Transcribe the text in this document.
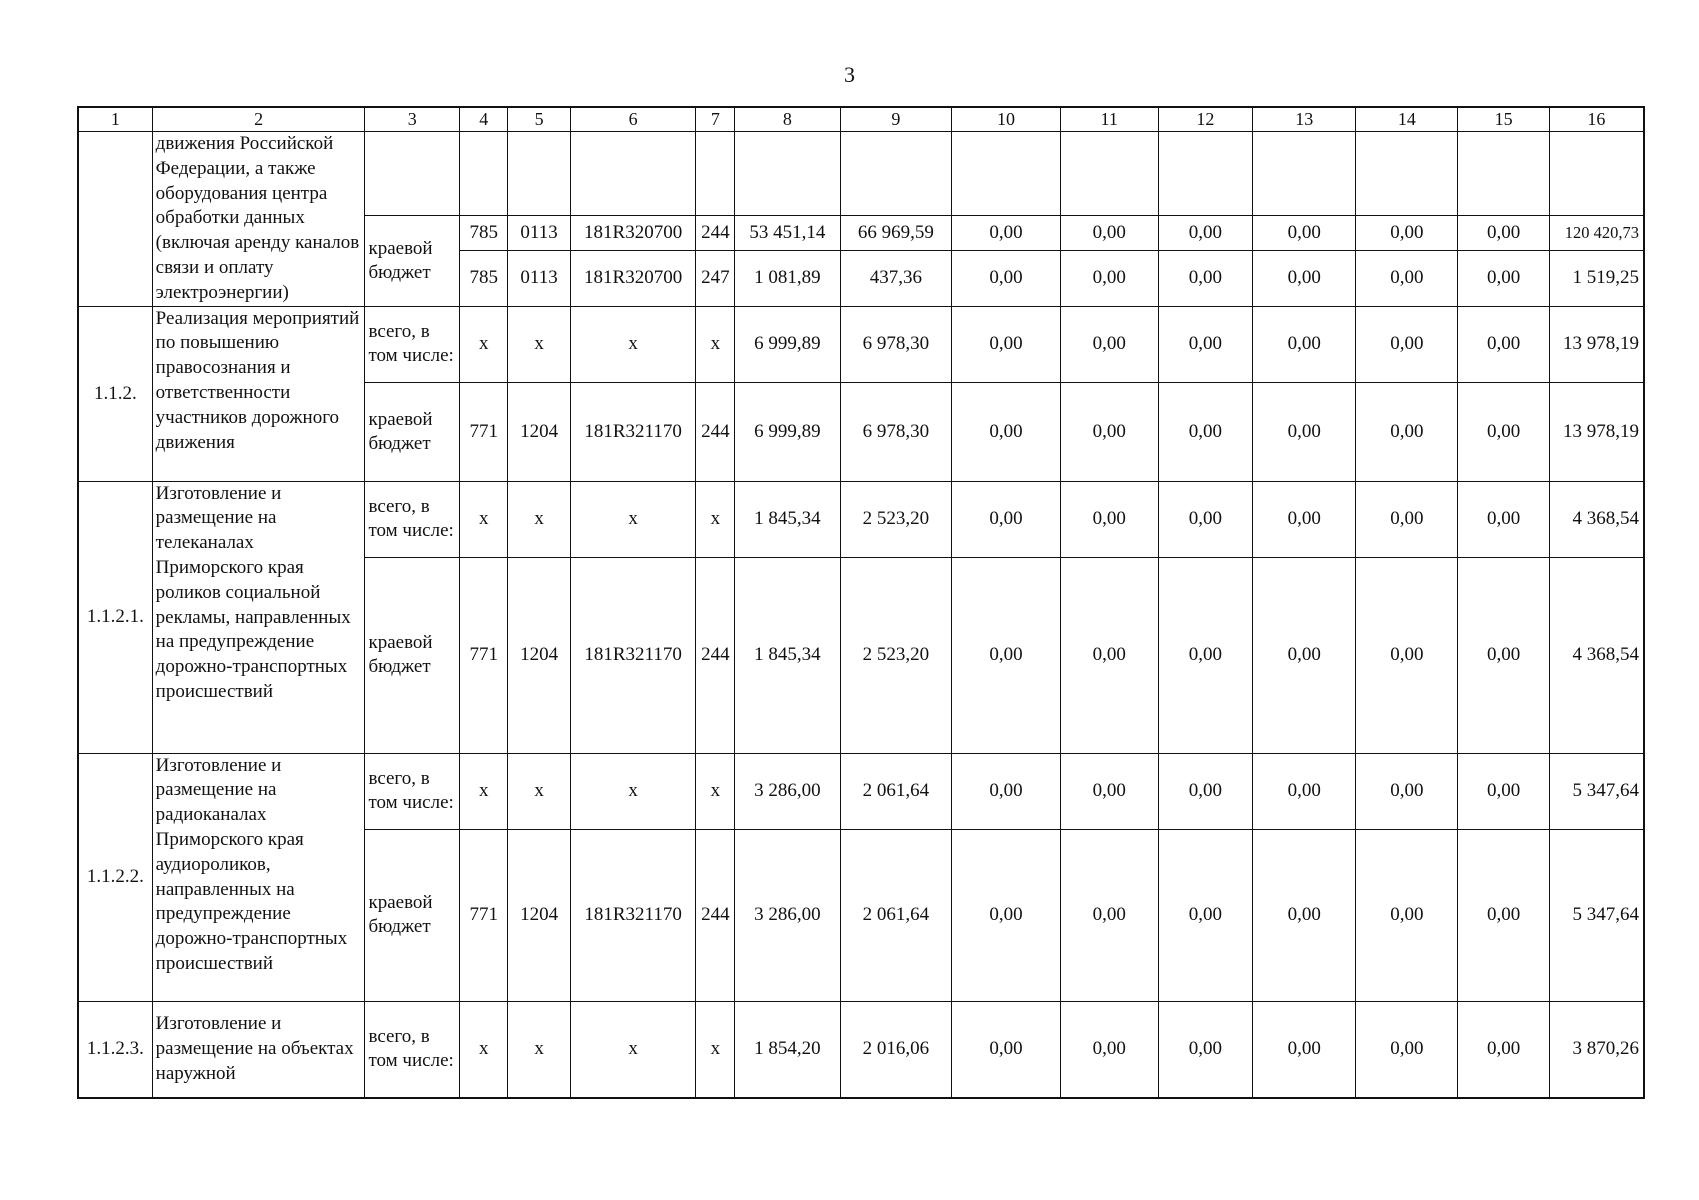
3
1	2	3	4	5	6	7	8	9	10	11	12	13	14	15	16
	движения Российской Федерации, а также оборудования центра обработки данных (включая аренду каналов связи и оплату электроэнергии)														
		краевой бюджет	785	0113	181R320700	244	53 451,14	66 969,59	0,00	0,00	0,00	0,00	0,00	0,00	120 420,73
			785	0113	181R320700	247	1 081,89	437,36	0,00	0,00	0,00	0,00	0,00	0,00	1 519,25
1.1.2.	Реализация мероприятий по повышению правосознания и ответственности участников дорожного движения	всего, в том числе:	x	x	x	x	6 999,89	6 978,30	0,00	0,00	0,00	0,00	0,00	0,00	13 978,19
		краевой бюджет	771	1204	181R321170	244	6 999,89	6 978,30	0,00	0,00	0,00	0,00	0,00	0,00	13 978,19
1.1.2.1.	Изготовление и размещение на телеканалах Приморского края роликов социальной рекламы, направленных на предупреждение дорожно-транспортных происшествий	всего, в том числе:	x	x	x	x	1 845,34	2 523,20	0,00	0,00	0,00	0,00	0,00	0,00	4 368,54
		краевой бюджет	771	1204	181R321170	244	1 845,34	2 523,20	0,00	0,00	0,00	0,00	0,00	0,00	4 368,54
1.1.2.2.	Изготовление и размещение на радиоканалах Приморского края аудиороликов, направленных на предупреждение дорожно-транспортных происшествий	всего, в том числе:	x	x	x	x	3 286,00	2 061,64	0,00	0,00	0,00	0,00	0,00	0,00	5 347,64
		краевой бюджет	771	1204	181R321170	244	3 286,00	2 061,64	0,00	0,00	0,00	0,00	0,00	0,00	5 347,64
1.1.2.3.	Изготовление и размещение на объектах наружной	всего, в том числе:	x	x	x	x	1 854,20	2 016,06	0,00	0,00	0,00	0,00	0,00	0,00	3 870,26
